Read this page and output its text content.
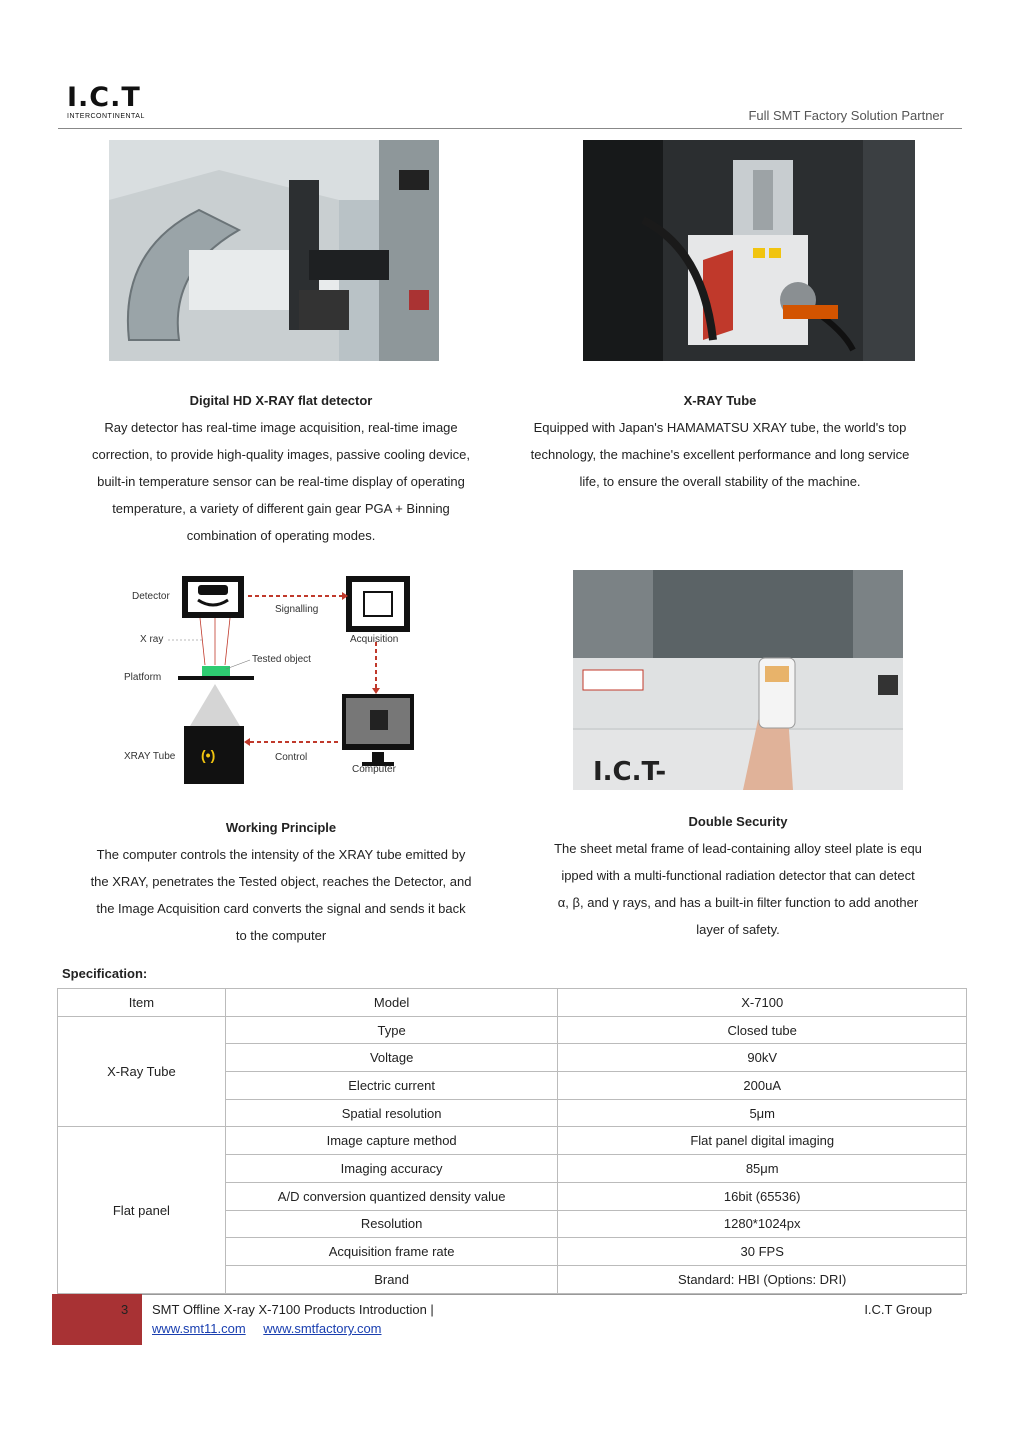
I.C.T
INTERCONTINENTAL	Full SMT Factory Solution Partner
Digital HD X-RAY flat detector
Ray detector has real-time image acquisition, real-time image
correction, to provide high-quality images, passive cooling device,
built-in temperature sensor can be real-time display of operating
temperature, a variety of different gain gear PGA + Binning
combination of operating modes.
X-RAY Tube
Equipped with Japan's HAMAMATSU XRAY tube, the world's top
technology, the machine's excellent performance and long service
life, to ensure the overall stability of the machine.
(•)
Detector
Signalling
Acquisition
X ray
Tested object
Platform
XRAY Tube	Control
Computer	I.C.T-
Working Principle
The computer controls the intensity of the XRAY tube emitted by
the XRAY, penetrates the Tested object, reaches the Detector, and
the Image Acquisition card converts the signal and sends it back
to the computer
Double Security
The sheet metal frame of lead-containing alloy steel plate is equ
ipped with a multi-functional radiation detector that can detect
α, β, and γ rays, and has a built-in filter function to add another
layer of safety.
Specification:
Item	Model	X-7100
X-Ray Tube	Type	Closed tube
	Voltage	90kV
	Electric current	200uA
	Spatial resolution	5μm
Flat panel	Image capture method	Flat panel digital imaging
	Imaging accuracy	85μm
	A/D conversion quantized density value	16bit (65536)
	Resolution	1280*1024px
	Acquisition frame rate	30 FPS
	Brand	Standard: HBI (Options: DRI)
3 SMT Offline X-ray X-7100 Products Introduction |	I.C.T Group
www.smt11.com www.smtfactory.com
